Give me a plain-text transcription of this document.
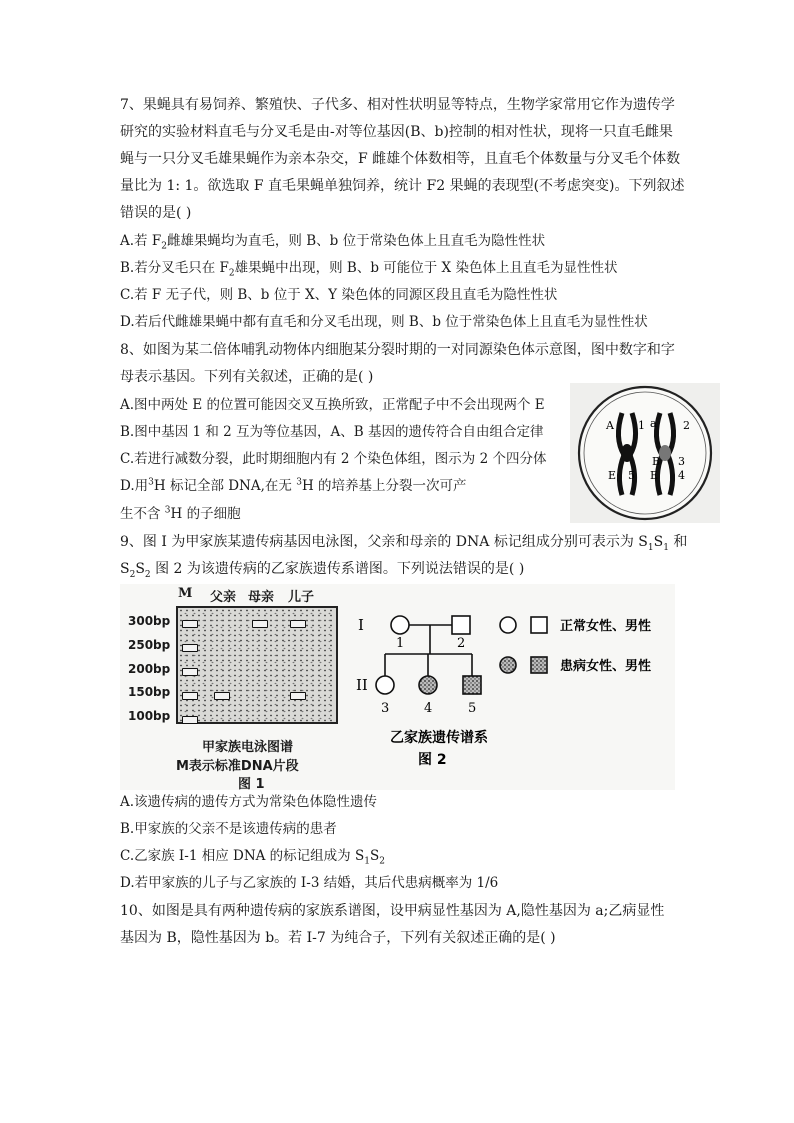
7、果蝇具有易饲养、繁殖快、子代多、相对性状明显等特点，生物学家常用它作为遗传学
研究的实验材料直毛与分叉毛是由-对等位基因(B、b)控制的相对性状，现将一只直毛雌果
蝇与一只分叉毛雄果蝇作为亲本杂交，F 雌雄个体数相等，且直毛个体数量与分叉毛个体数
量比为 1: 1。欲选取 F 直毛果蝇单独饲养，统计 F2 果蝇的表现型(不考虑突变)。下列叙述
错误的是( )
A.若 $F_2$雌雄果蝇均为直毛，则 B、b 位于常染色体上且直毛为隐性性状
B.若分叉毛只在 $F_2$雄果蝇中出现，则 B、b 可能位于 X 染色体上且直毛为显性性状
C.若 F 无子代，则 B、b 位于 X、Y 染色体的同源区段且直毛为隐性性状
D.若后代雌雄果蝇中都有直毛和分叉毛出现，则 B、b 位于常染色体上且直毛为显性性状
8、如图为某二倍体哺乳动物体内细胞某分裂时期的一对同源染色体示意图，图中数字和字
母表示基因。下列有关叙述，正确的是( )
A.图中两处 E 的位置可能因交叉互换所致，正常配子中不会出现两个 E
B.图中基因 1 和 2 互为等位基因，A、B 基因的遗传符合自由组合定律
C.若进行减数分裂，此时期细胞内有 2 个染色体组，图示为 2 个四分体
D.用$^3$H 标记全部 DNA,在无 $^3$H 的培养基上分裂一次可产
生不含 $^3$H 的子细胞
A	a 2
1
B 3
E 5 E 4
9、图 I 为甲家族某遗传病基因电泳图，父亲和母亲的 DNA 标记组成分别可表示为 $S_1S_1$ 和
$S_2S_2$ 图 2 为该遗传病的乙家族遗传系谱图。下列说法错误的是( )
M 父亲 母亲 儿子
300bp
250bp
200bp
150bp
100bp
甲家族电泳图谱
M表示标准DNA片段
图 1
I
II
1	2
3	4	5
正常女性、男性
患病女性、男性
乙家族遗传谱系
图 2
A.该遗传病的遗传方式为常染色体隐性遗传
B.甲家族的父亲不是该遗传病的患者
C.乙家族 I-1 相应 DNA 的标记组成为 $S_1S_2$
D.若甲家族的儿子与乙家族的 I-3 结婚，其后代患病概率为 1/6
10、如图是具有两种遗传病的家族系谱图，设甲病显性基因为 A,隐性基因为 a;乙病显性
基因为 B，隐性基因为 b。若 I-7 为纯合子，下列有关叙述正确的是( )
